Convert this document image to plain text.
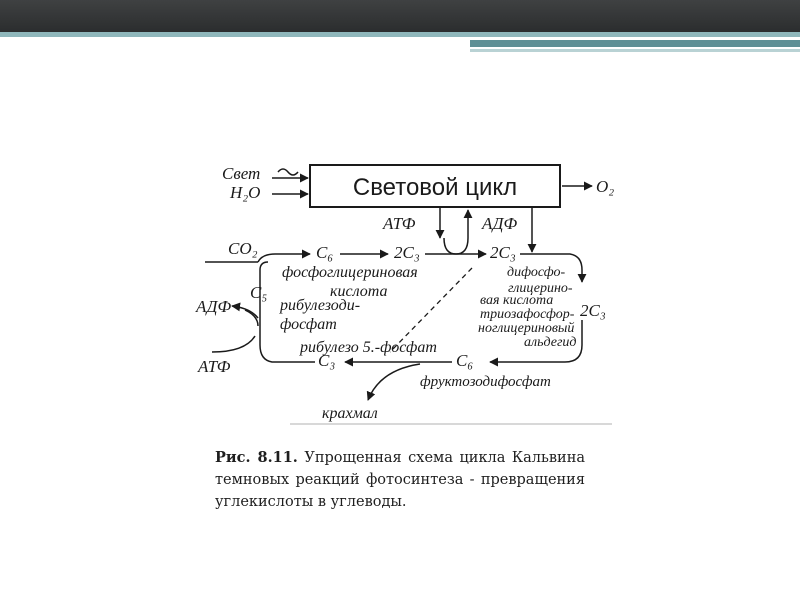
Световой цикл
Свет
H₂O	O₂
АТФ	АДФ
CO₂	C₆	2C₃	2C₃
фосфоглицериновая
кислота
дифосфо-
глицерино-
вая кислота
2C₃
триозафосфор-
ноглицериновый
альдегид
C₆
C₃
фруктозодифосфат
C₅
рибулезоди-
фосфат
рибулезо 5.-фосфат
АДФ
АТФ
крахмал

Рис. 8.11. Упрощенная схема цикла Кальвина темновых реакций фотосинтеза - превращения углекислоты в углеводы.
